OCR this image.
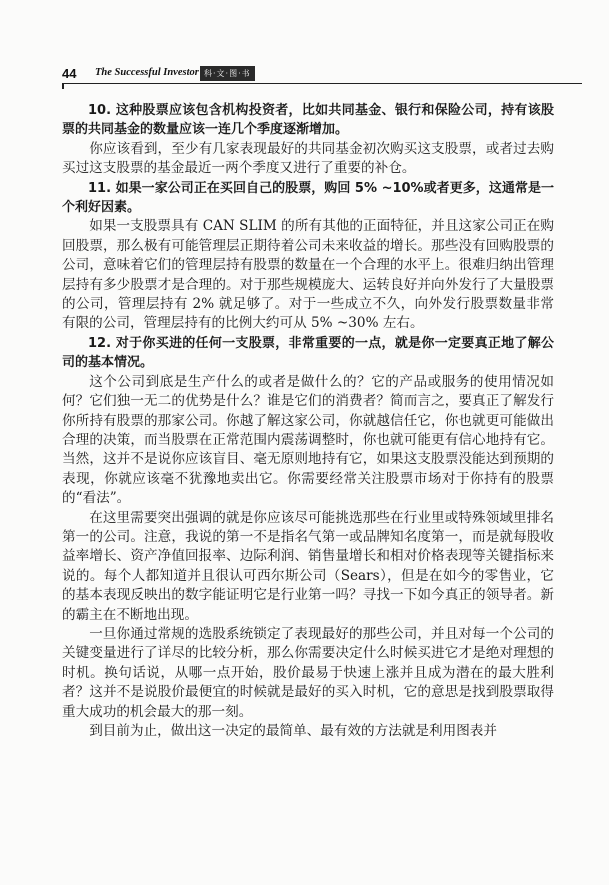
44 The Successful Investor 科·文·图·书

10. 这种股票应该包含机构投资者，比如共同基金、银行和保险公司，持有该股票的共同基金的数量应该一连几个季度逐渐增加。

你应该看到，至少有几家表现最好的共同基金初次购买这支股票，或者过去购买过这支股票的基金最近一两个季度又进行了重要的补仓。

11. 如果一家公司正在买回自己的股票，购回 5% ~10%或者更多，这通常是一个利好因素。

如果一支股票具有 CAN SLIM 的所有其他的正面特征，并且这家公司正在购回股票，那么极有可能管理层正期待着公司未来收益的增长。那些没有回购股票的公司，意味着它们的管理层持有股票的数量在一个合理的水平上。很难归纳出管理层持有多少股票才是合理的。对于那些规模庞大、运转良好并向外发行了大量股票的公司，管理层持有 2% 就足够了。对于一些成立不久，向外发行股票数量非常有限的公司，管理层持有的比例大约可从 5% ~30% 左右。

12. 对于你买进的任何一支股票，非常重要的一点，就是你一定要真正地了解公司的基本情况。

这个公司到底是生产什么的或者是做什么的？它的产品或服务的使用情况如何？它们独一无二的优势是什么？谁是它们的消费者？简而言之，要真正了解发行你所持有股票的那家公司。你越了解这家公司，你就越信任它，你也就更可能做出合理的决策，而当股票在正常范围内震荡调整时，你也就可能更有信心地持有它。当然，这并不是说你应该盲目、毫无原则地持有它，如果这支股票没能达到预期的表现，你就应该毫不犹豫地卖出它。你需要经常关注股票市场对于你持有的股票的“看法”。

在这里需要突出强调的就是你应该尽可能挑选那些在行业里或特殊领域里排名第一的公司。注意，我说的第一不是指名气第一或品牌知名度第一，而是就每股收益率增长、资产净值回报率、边际利润、销售量增长和相对价格表现等关键指标来说的。每个人都知道并且很认可西尔斯公司（Sears），但是在如今的零售业，它的基本表现反映出的数字能证明它是行业第一吗？寻找一下如今真正的领导者。新的霸主在不断地出现。

一旦你通过常规的选股系统锁定了表现最好的那些公司，并且对每一个公司的关键变量进行了详尽的比较分析，那么你需要决定什么时候买进它才是绝对理想的时机。换句话说，从哪一点开始，股价最易于快速上涨并且成为潜在的最大胜利者？这并不是说股价最便宜的时候就是最好的买入时机，它的意思是找到股票取得重大成功的机会最大的那一刻。

到目前为止，做出这一决定的最简单、最有效的方法就是利用图表并
